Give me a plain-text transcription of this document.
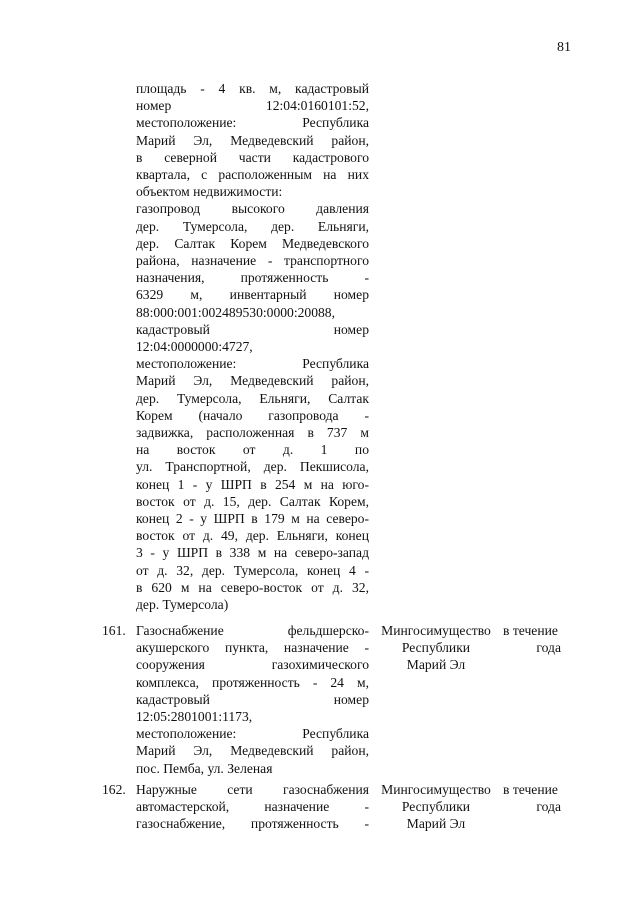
81
площадь - 4 кв. м, кадастровый
номер 12:04:0160101:52,
местоположение: Республика
Марий Эл, Медведевский район,
в северной части кадастрового
квартала, с расположенным на них
объектом недвижимости:
газопровод высокого давления
дер. Тумерсола, дер. Ельняги,
дер. Салтак Корем Медведевского
района, назначение - транспортного
назначения, протяженность -
6329 м, инвентарный номер
88:000:001:002489530:0000:20088,
кадастровый номер
12:04:0000000:4727,
местоположение: Республика
Марий Эл, Медведевский район,
дер. Тумерсола, Ельняги, Салтак
Корем (начало газопровода -
задвижка, расположенная в 737 м
на восток от д. 1 по
ул. Транспортной, дер. Пекшисола,
конец 1 - у ШРП в 254 м на юго-
восток от д. 15, дер. Салтак Корем,
конец 2 - у ШРП в 179 м на северо-
восток от д. 49, дер. Ельняги, конец
3 - у ШРП в 338 м на северо-запад
от д. 32, дер. Тумерсола, конец 4 -
в 620 м на северо-восток от д. 32,
дер. Тумерсола)
161. Газоснабжение фельдшерско-
акушерского пункта, назначение -
сооружения газохимического
комплекса, протяженность - 24 м,
кадастровый номер
12:05:2801001:1173,
местоположение: Республика
Марий Эл, Медведевский район,
пос. Пемба, ул. Зеленая
Мингосимущество
Республики
Марий Эл
в течение
года
162. Наружные сети газоснабжения
автомастерской, назначение -
газоснабжение, протяженность -
Мингосимущество
Республики
Марий Эл
в течение
года
